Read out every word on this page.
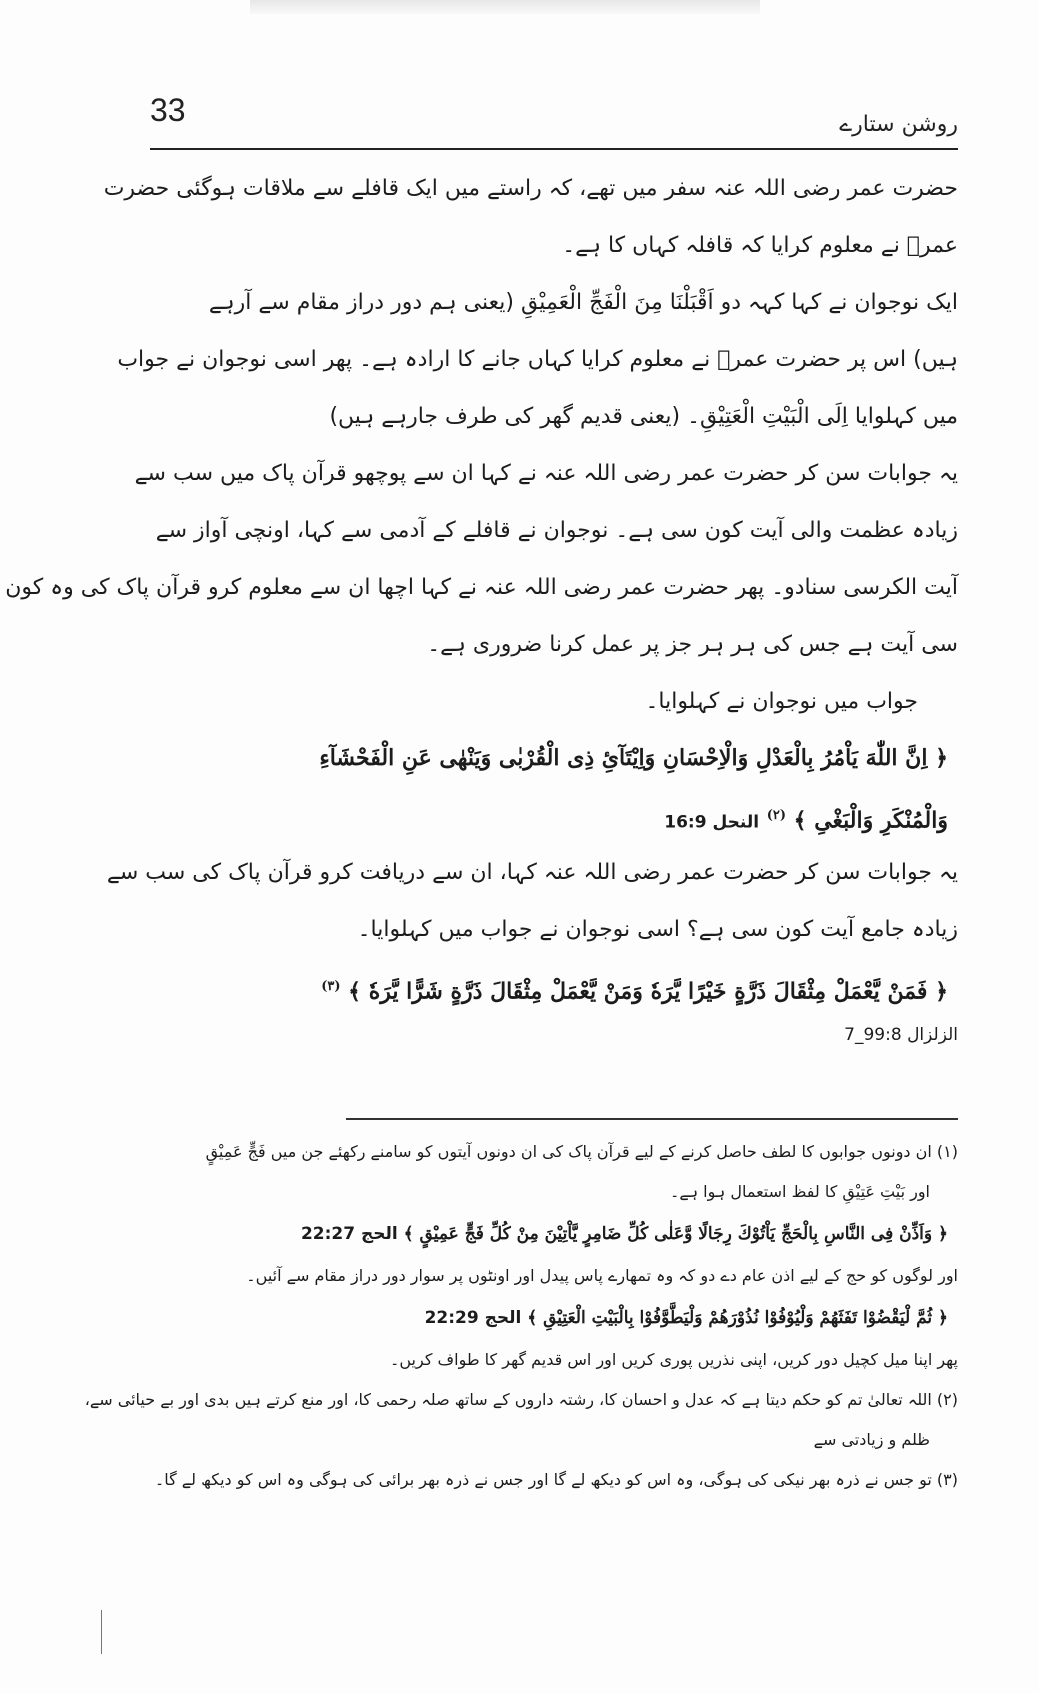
33	روشن ستارے
حضرت عمر رضی اللہ عنہ سفر میں تھے، کہ راستے میں ایک قافلے سے ملاقات ہوگئی حضرت
عمرؓ نے معلوم کرایا کہ قافلہ کہاں کا ہے۔
ایک نوجوان نے کہا کہہ دو اَقْبَلْنَا مِنَ الْفَجِّ الْعَمِيْقِ (یعنی ہم دور دراز مقام سے آرہے
ہیں) اس پر حضرت عمرؓ نے معلوم کرایا کہاں جانے کا ارادہ ہے۔ پھر اسی نوجوان نے جواب
میں کہلوایا اِلَى الْبَيْتِ الْعَتِيْقِ۔ (یعنی قدیم گھر کی طرف جارہے ہیں)
یہ جوابات سن کر حضرت عمر رضی اللہ عنہ نے کہا ان سے پوچھو قرآن پاک میں سب سے
زیادہ عظمت والی آیت کون سی ہے۔ نوجوان نے قافلے کے آدمی سے کہا، اونچی آواز سے
آیت الکرسی سنادو۔ پھر حضرت عمر رضی اللہ عنہ نے کہا اچھا ان سے معلوم کرو قرآن پاک کی وہ کون
سی آیت ہے جس کی ہر ہر جز پر عمل کرنا ضروری ہے۔
جواب میں نوجوان نے کہلوایا۔
﴿ اِنَّ اللّٰهَ يَاْمُرُ بِالْعَدْلِ وَالْاِحْسَانِ وَاِيْتَآئِ ذِى الْقُرْبٰى وَيَنْهٰى عَنِ الْفَحْشَآءِ
وَالْمُنْكَرِ وَالْبَغْىِ ﴾ $^{(٢)}$ النحل 16:9
یہ جوابات سن کر حضرت عمر رضی اللہ عنہ کہا، ان سے دریافت کرو قرآن پاک کی سب سے
زیادہ جامع آیت کون سی ہے؟ اسی نوجوان نے جواب میں کہلوایا۔
﴿ فَمَنْ يَّعْمَلْ مِثْقَالَ ذَرَّةٍ خَيْرًا يَّرَهٗ وَمَنْ يَّعْمَلْ مِثْقَالَ ذَرَّةٍ شَرًّا يَّرَهٗ ﴾ $^{(٣)}$
الزلزال 99:8_7
(١) ان دونوں جوابوں کا لطف حاصل کرنے کے لیے قرآن پاک کی ان دونوں آیتوں کو سامنے رکھئے جن میں فَجٍّ عَمِيْقٍ
اور بَيْتِ عَتِيْقِ کا لفظ استعمال ہوا ہے۔
﴿ وَاَذِّنْ فِى النَّاسِ بِالْحَجِّ يَاْتُوْكَ رِجَالًا وَّعَلٰى كُلِّ ضَامِرٍ يَّاْتِيْنَ مِنْ كُلِّ فَجٍّ عَمِيْقٍ ﴾ الحج 22:27
اور لوگوں کو حج کے لیے اذن عام دے دو کہ وہ تمھارے پاس پیدل اور اونٹوں پر سوار دور دراز مقام سے آئیں۔
﴿ ثُمَّ لْيَقْضُوْا تَفَثَهُمْ وَلْيُوْفُوْا نُذُوْرَهُمْ وَلْيَطَّوَّفُوْا بِالْبَيْتِ الْعَتِيْقِ ﴾ الحج 22:29
پھر اپنا میل کچیل دور کریں، اپنی نذریں پوری کریں اور اس قدیم گھر کا طواف کریں۔
(٢) اللہ تعالیٰ تم کو حکم دیتا ہے کہ عدل و احسان کا، رشتہ داروں کے ساتھ صلہ رحمی کا، اور منع کرتے ہیں بدی اور بے حیائی سے،
ظلم و زیادتی سے
(٣) تو جس نے ذرہ بھر نیکی کی ہوگی، وہ اس کو دیکھ لے گا اور جس نے ذرہ بھر برائی کی ہوگی وہ اس کو دیکھ لے گا۔
